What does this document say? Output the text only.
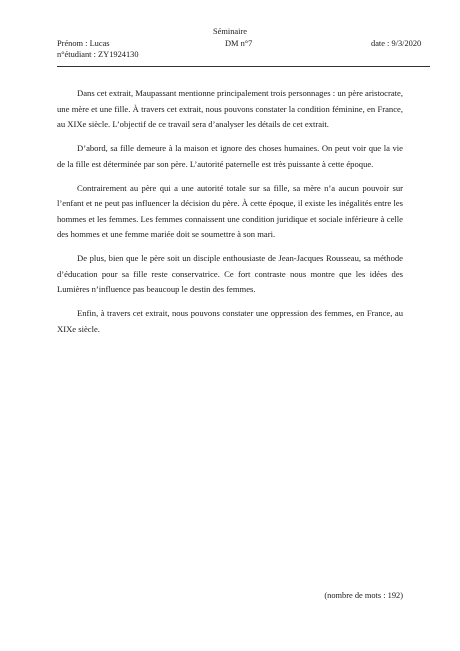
Séminaire
Prénom : Lucas	DM n°7	date : 9/3/2020
n°étudiant : ZY1924130

Dans cet extrait, Maupassant mentionne principalement trois personnages : un père aristocrate, une mère et une fille. À travers cet extrait, nous pouvons constater la condition féminine, en France, au XIXe siècle. L’objectif de ce travail sera d’analyser les détails de cet extrait.

D’abord, sa fille demeure à la maison et ignore des choses humaines. On peut voir que la vie de la fille est déterminée par son père. L’autorité paternelle est très puissante à cette époque.

Contrairement au père qui a une autorité totale sur sa fille, sa mère n’a aucun pouvoir sur l’enfant et ne peut pas influencer la décision du père. À cette époque, il existe les inégalités entre les hommes et les femmes. Les femmes connaissent une condition juridique et sociale inférieure à celle des hommes et une femme mariée doit se soumettre à son mari.

De plus, bien que le père soit un disciple enthousiaste de Jean-Jacques Rousseau, sa méthode d’éducation pour sa fille reste conservatrice. Ce fort contraste nous montre que les idées des Lumières n’influence pas beaucoup le destin des femmes.

Enfin, à travers cet extrait, nous pouvons constater une oppression des femmes, en France, au XIXe siècle.

(nombre de mots : 192)
